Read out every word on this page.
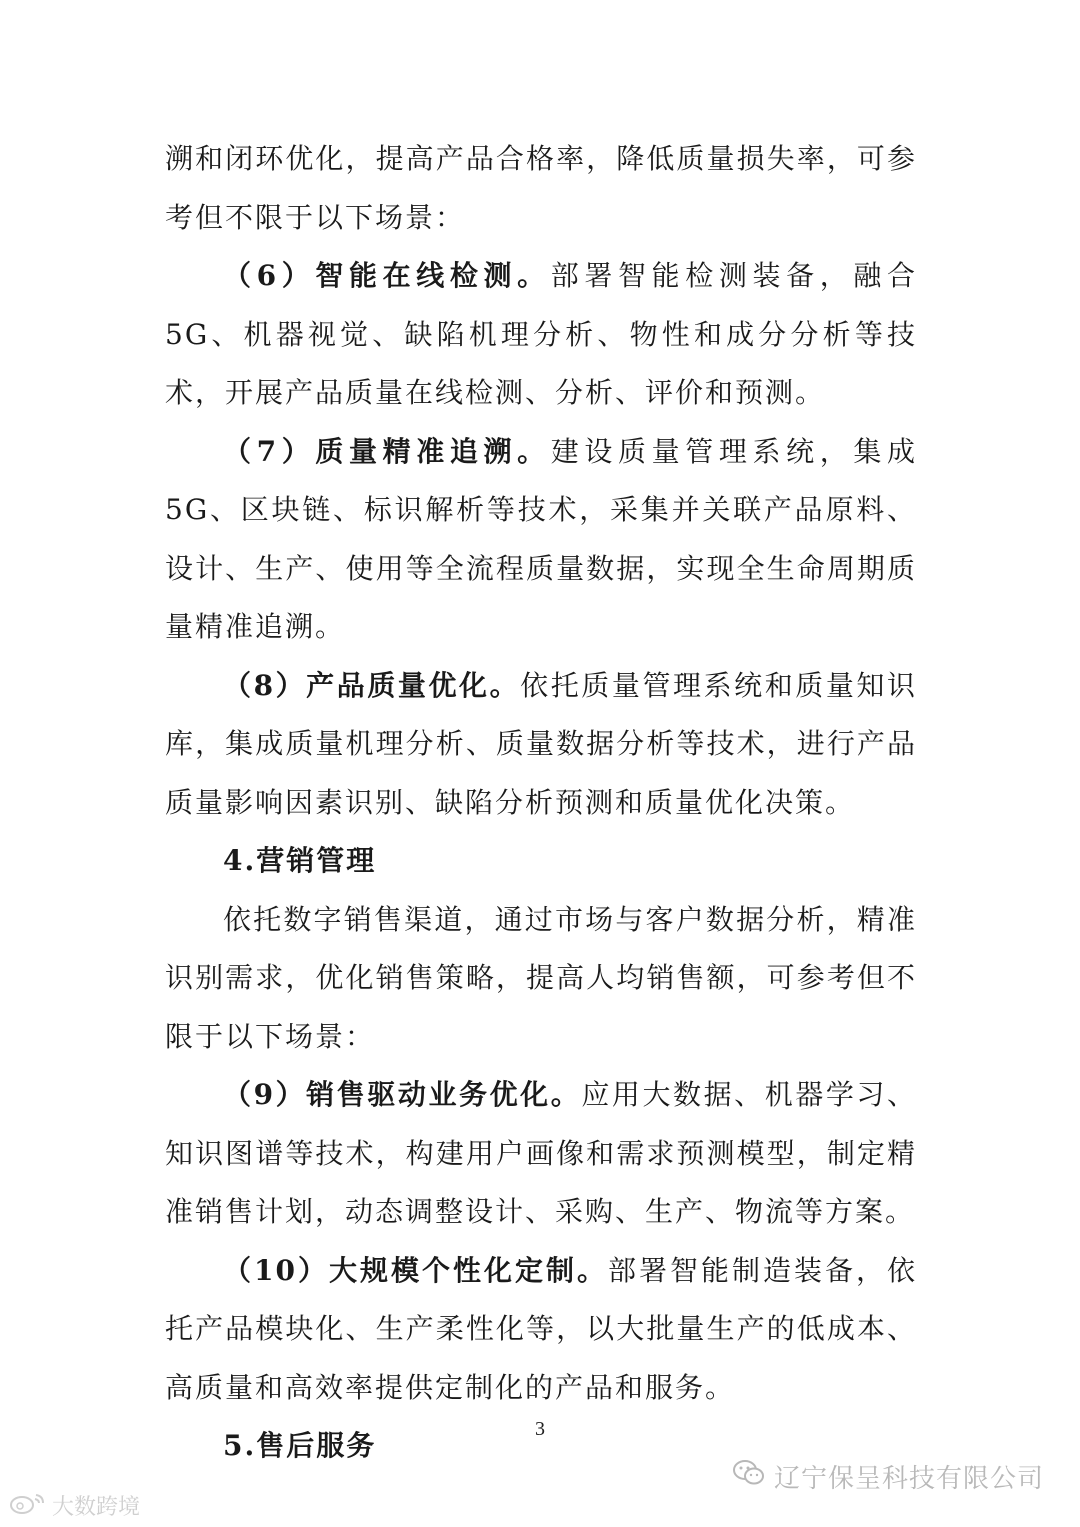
溯和闭环优化，提高产品合格率，降低质量损失率，可参考但不限于以下场景：

（6）智能在线检测。部署智能检测装备，融合5G、机器视觉、缺陷机理分析、物性和成分分析等技术，开展产品质量在线检测、分析、评价和预测。

（7）质量精准追溯。建设质量管理系统，集成5G、区块链、标识解析等技术，采集并关联产品原料、设计、生产、使用等全流程质量数据，实现全生命周期质量精准追溯。

（8）产品质量优化。依托质量管理系统和质量知识库，集成质量机理分析、质量数据分析等技术，进行产品质量影响因素识别、缺陷分析预测和质量优化决策。

4.营销管理

依托数字销售渠道，通过市场与客户数据分析，精准识别需求，优化销售策略，提高人均销售额，可参考但不限于以下场景：

（9）销售驱动业务优化。应用大数据、机器学习、知识图谱等技术，构建用户画像和需求预测模型，制定精准销售计划，动态调整设计、采购、生产、物流等方案。

（10）大规模个性化定制。部署智能制造装备，依托产品模块化、生产柔性化等，以大批量生产的低成本、高质量和高效率提供定制化的产品和服务。

5.售后服务	3
辽宁保呈科技有限公司
大数跨境
